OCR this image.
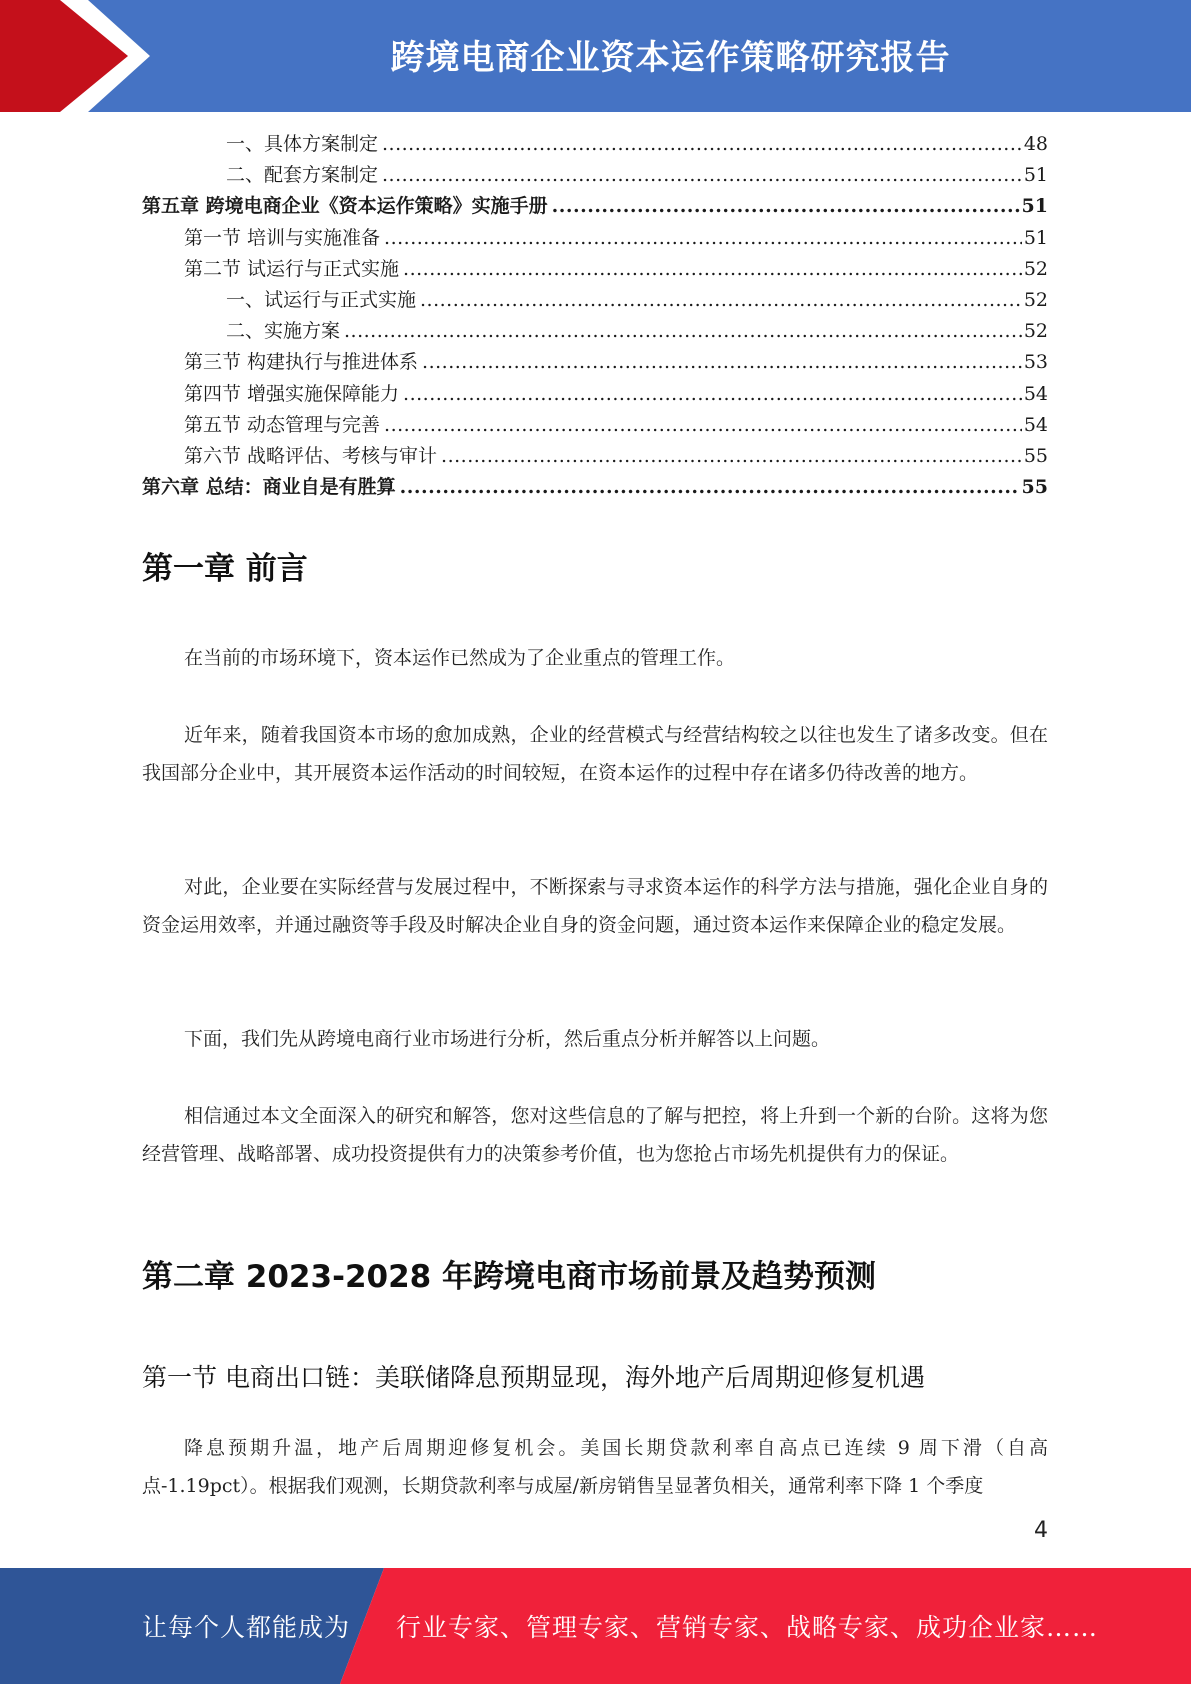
跨境电商企业资本运作策略研究报告
一、具体方案制定 .....	48
二、配套方案制定 .....	51
第五章 跨境电商企业《资本运作策略》实施手册 .....	51
第一节 培训与实施准备 .....	51
第二节 试运行与正式实施 .....	52
一、试运行与正式实施 .....	52
二、实施方案 .....	52
第三节 构建执行与推进体系 .....	53
第四节 增强实施保障能力 .....	54
第五节 动态管理与完善 .....	54
第六节 战略评估、考核与审计 .....	55
第六章 总结：商业自是有胜算 .....	55
第一章 前言

在当前的市场环境下，资本运作已然成为了企业重点的管理工作。

近年来，随着我国资本市场的愈加成熟，企业的经营模式与经营结构较之以往也发生了诸多改变。但在我国部分企业中，其开展资本运作活动的时间较短，在资本运作的过程中存在诸多仍待改善的地方。

对此，企业要在实际经营与发展过程中，不断探索与寻求资本运作的科学方法与措施，强化企业自身的资金运用效率，并通过融资等手段及时解决企业自身的资金问题，通过资本运作来保障企业的稳定发展。

下面，我们先从跨境电商行业市场进行分析，然后重点分析并解答以上问题。

相信通过本文全面深入的研究和解答，您对这些信息的了解与把控，将上升到一个新的台阶。这将为您经营管理、战略部署、成功投资提供有力的决策参考价值，也为您抢占市场先机提供有力的保证。

第二章 2023-2028 年跨境电商市场前景及趋势预测
第一节 电商出口链：美联储降息预期显现，海外地产后周期迎修复机遇

降息预期升温，地产后周期迎修复机会。美国长期贷款利率自高点已连续 9 周下滑（自高点-1.19pct）。根据我们观测，长期贷款利率与成屋/新房销售呈显著负相关，通常利率下降 1 个季度

4
让每个人都能成为 行业专家、管理专家、营销专家、战略专家、成功企业家……
